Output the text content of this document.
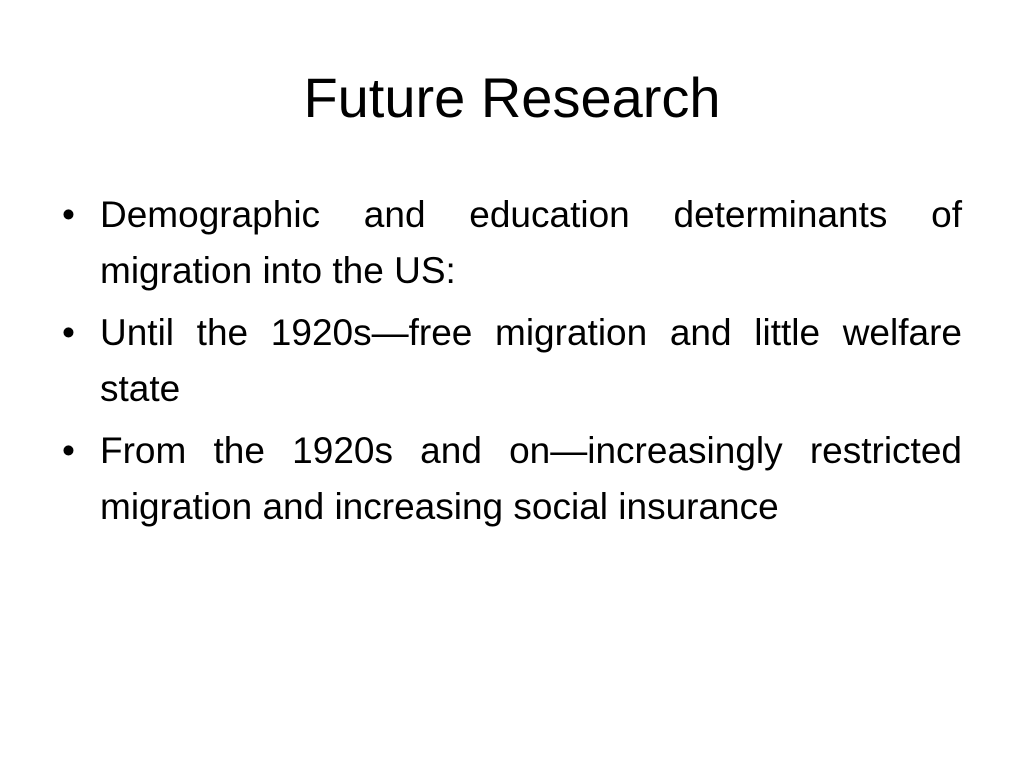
Future Research
• Demographic and education determinants of migration into the US:
• Until the 1920s—free migration and little welfare state
• From the 1920s and on—increasingly restricted migration and increasing social insurance
